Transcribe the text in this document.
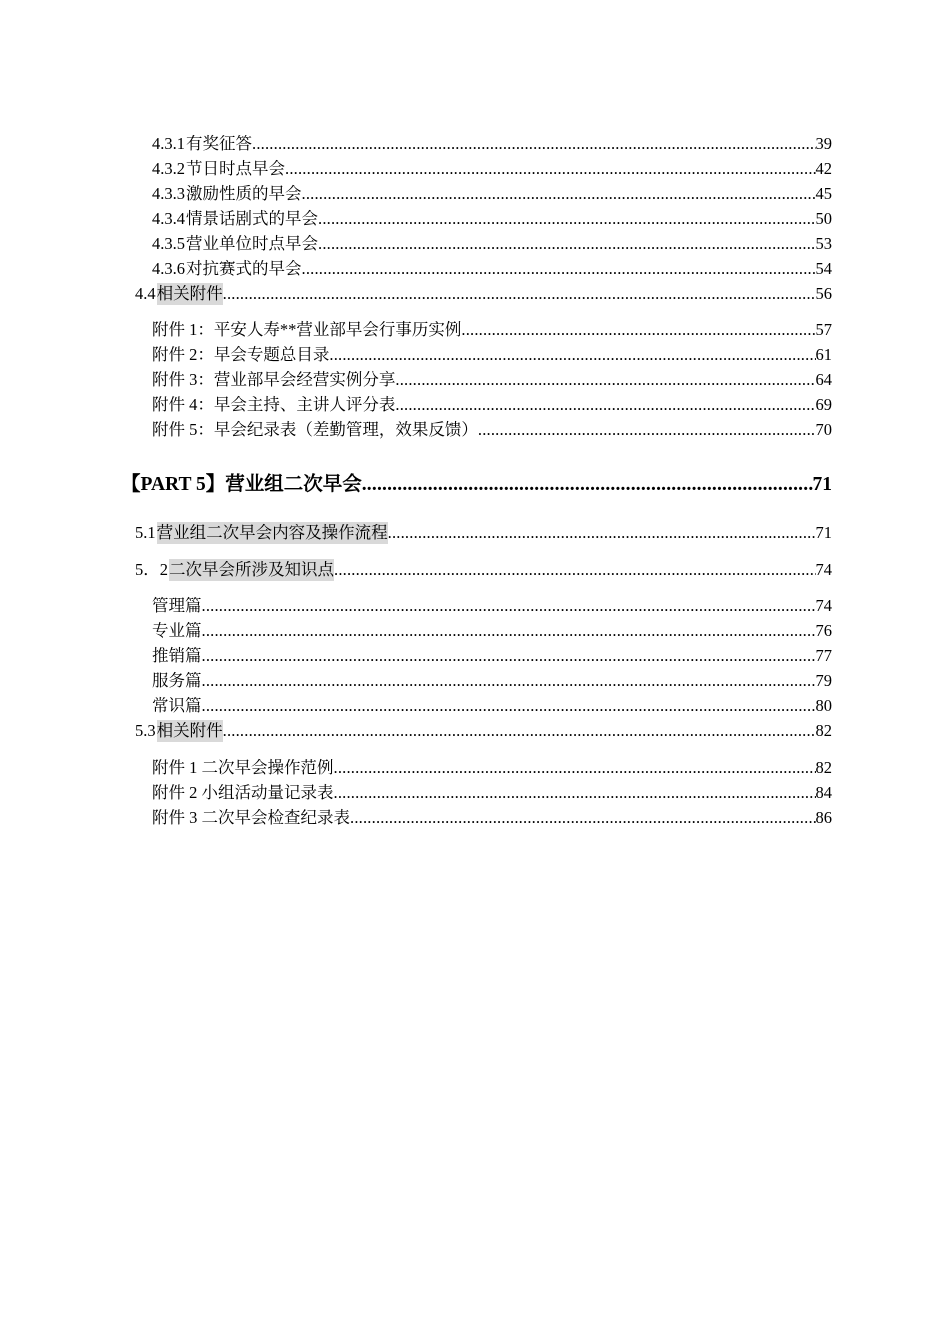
4.3.1 有奖征答 .....	39
4.3.2 节日时点早会 .....	42
4.3.3 激励性质的早会 .....	45
4.3.4 情景话剧式的早会 .....	50
4.3.5 营业单位时点早会 .....	53
4.3.6 对抗赛式的早会 .....	54
4.4 相关附件 .....	56
附件 1：平安人寿**营业部早会行事历实例 .....	57
附件 2：早会专题总目录 .....	61
附件 3：营业部早会经营实例分享 .....	64
附件 4：早会主持、主讲人评分表 .....	69
附件 5：早会纪录表（差勤管理，效果反馈） .....	70
【PART 5】营业组二次早会 .....	71
5.1 营业组二次早会内容及操作流程 .....	71
5．2 二次早会所涉及知识点 .....	74
管理篇 .....	74
专业篇 .....	76
推销篇 .....	77
服务篇 .....	79
常识篇 .....	80
5.3 相关附件 .....	82
附件 1 二次早会操作范例 .....	82
附件 2 小组活动量记录表 .....	84
附件 3 二次早会检查纪录表 .....	86
